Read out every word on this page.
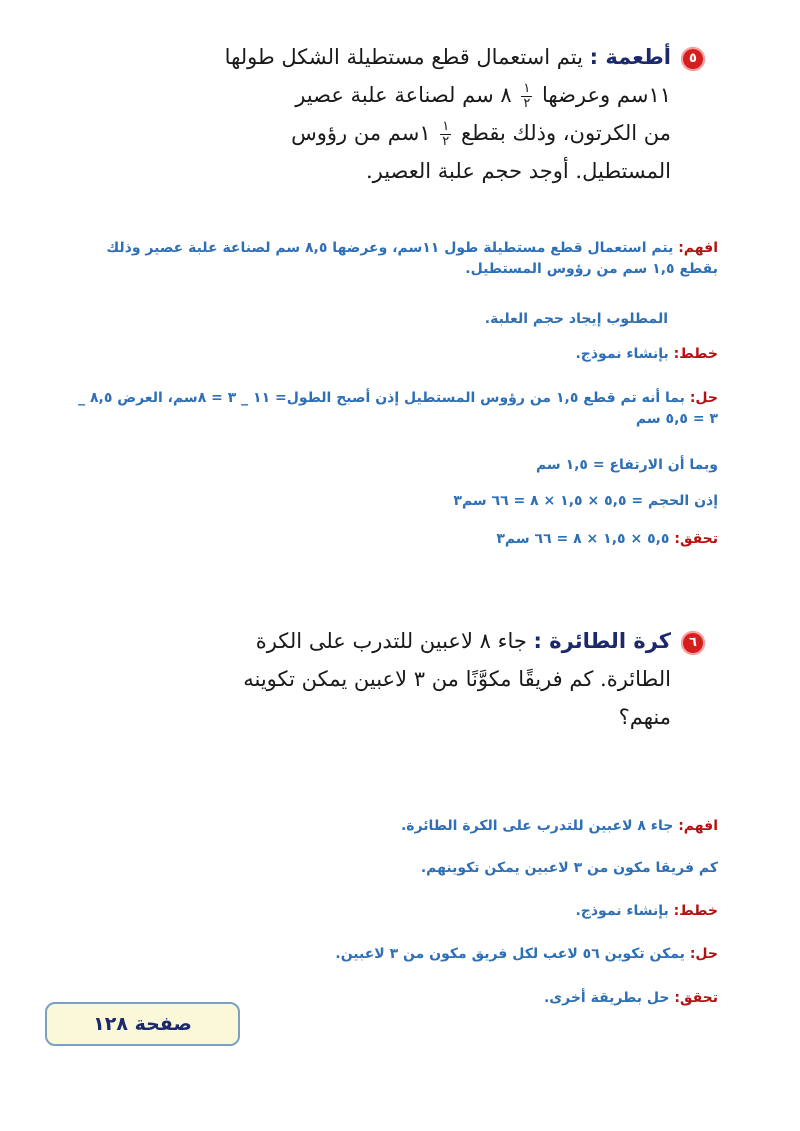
٥أطعمة : يتم استعمال قطع مستطيلة الشكل طولها
١١سم وعرضها
$\frac{١}{٢}$
٨ سم لصناعة علبة عصير
من الكرتون، وذلك بقطع
$\frac{١}{٢}$
١سم من رؤوس
المستطيل. أوجد حجم علبة العصير.
افهم: يتم استعمال قطع مستطيلة طول ١١سم، وعرضها ٨,٥ سم لصناعة علبة عصير وذلك بقطع ١,٥ سم من رؤوس المستطيل.
المطلوب إيجاد حجم العلبة.
خطط: بإنشاء نموذج.
حل: بما أنه تم قطع ١,٥ من رؤوس المستطيل إذن أصبح الطول= ١١ _ ٣ = ٨سم، العرض ٨,٥ _ ٣ = ٥,٥ سم
وبما أن الارتفاع = ١,٥ سم
إذن الحجم = ٥,٥ × ١,٥ × ٨ = ٦٦ سم٣
تحقق: ٥,٥ × ١,٥ × ٨ = ٦٦ سم٣
٦كرة الطائرة : جاء ٨ لاعبين للتدرب على الكرة
الطائرة. كم فريقًا مكوَّنًا من ٣ لاعبين يمكن تكوينه
منهم؟
افهم: جاء ٨ لاعبين للتدرب على الكرة الطائرة.
كم فريقا مكون من ٣ لاعبين يمكن تكوينهم.
خطط: بإنشاء نموذج.
حل: يمكن تكوين ٥٦ لاعب لكل فريق مكون من ٣ لاعبين.
تحقق: حل بطريقة أخرى.
صفحة ١٢٨
